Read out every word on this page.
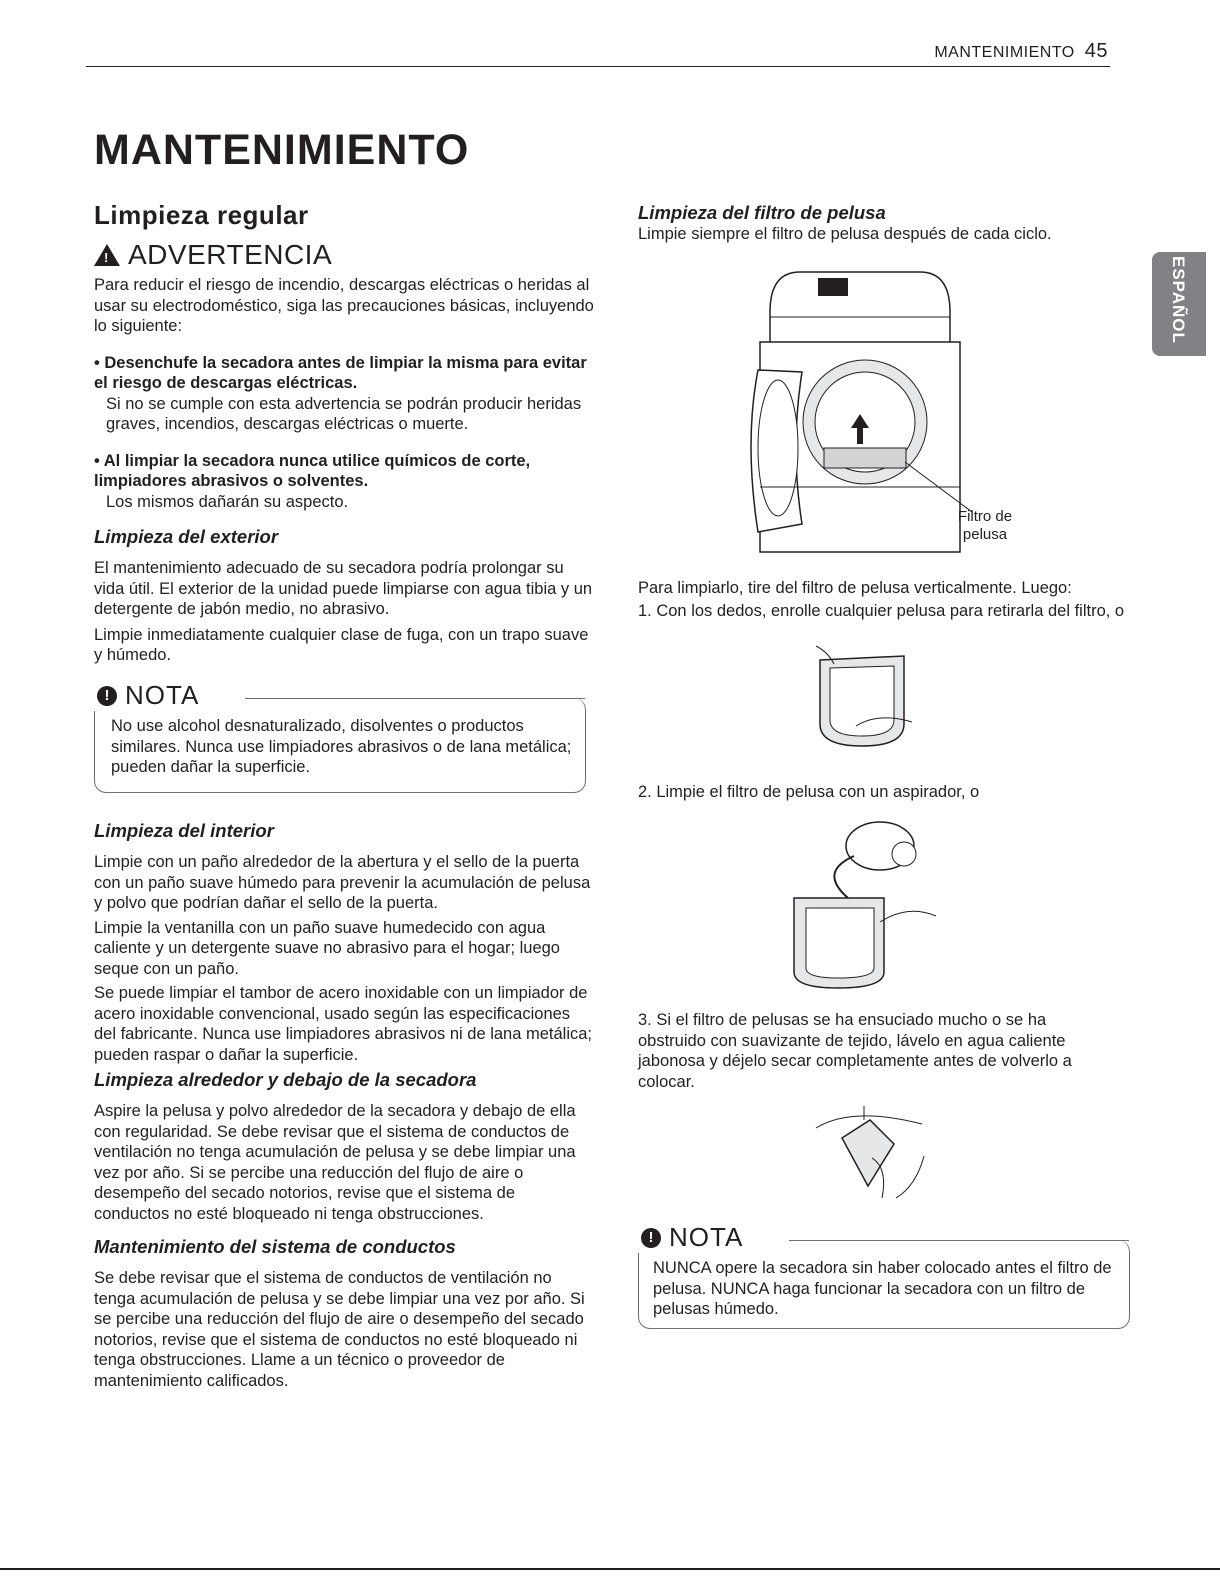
MANTENIMIENTO 45
ESPAÑOL
MANTENIMIENTO
Limpieza regular
!
ADVERTENCIA

Para reducir el riesgo de incendio, descargas eléctricas o heridas al usar su electrodoméstico, siga las precauciones básicas, incluyendo lo siguiente:

• Desenchufe la secadora antes de limpiar la misma para evitar el riesgo de descargas eléctricas.

Si no se cumple con esta advertencia se podrán producir heridas graves, incendios, descargas eléctricas o muerte.

• Al limpiar la secadora nunca utilice químicos de corte, limpiadores abrasivos o solventes.

Los mismos dañarán su aspecto.

Limpieza del exterior

El mantenimiento adecuado de su secadora podría prolongar su vida útil. El exterior de la unidad puede limpiarse con agua tibia y un detergente de jabón medio, no abrasivo.

Limpie inmediatamente cualquier clase de fuga, con un trapo suave y húmedo.

! NOTA

No use alcohol desnaturalizado, disolventes o productos similares. Nunca use limpiadores abrasivos o de lana metálica; pueden dañar la superficie.

Limpieza del interior

Limpie con un paño alrededor de la abertura y el sello de la puerta con un paño suave húmedo para prevenir la acumulación de pelusa y polvo que podrían dañar el sello de la puerta.

Limpie la ventanilla con un paño suave humedecido con agua caliente y un detergente suave no abrasivo para el hogar; luego seque con un paño.

Se puede limpiar el tambor de acero inoxidable con un limpiador de acero inoxidable convencional, usado según las especificaciones del fabricante. Nunca use limpiadores abrasivos ni de lana metálica; pueden raspar o dañar la superficie.

Limpieza alrededor y debajo de la secadora

Aspire la pelusa y polvo alrededor de la secadora y debajo de ella con regularidad. Se debe revisar que el sistema de conductos de ventilación no tenga acumulación de pelusa y se debe limpiar una vez por año. Si se percibe una reducción del flujo de aire o desempeño del secado notorios, revise que el sistema de conductos no esté bloqueado ni tenga obstrucciones.

Mantenimiento del sistema de conductos

Se debe revisar que el sistema de conductos de ventilación no tenga acumulación de pelusa y se debe limpiar una vez por año. Si se percibe una reducción del flujo de aire o desempeño del secado notorios, revise que el sistema de conductos no esté bloqueado ni tenga obstrucciones. Llame a un técnico o proveedor de mantenimiento calificados.

Limpieza del filtro de pelusa

Limpie siempre el filtro de pelusa después de cada ciclo.

Filtro de pelusa

Para limpiarlo, tire del filtro de pelusa verticalmente. Luego:

1. Con los dedos, enrolle cualquier pelusa para retirarla del filtro, o

2. Limpie el filtro de pelusa con un aspirador, o

3. Si el filtro de pelusas se ha ensuciado mucho o se ha obstruido con suavizante de tejido, lávelo en agua caliente jabonosa y déjelo secar completamente antes de volverlo a colocar.

! NOTA

NUNCA opere la secadora sin haber colocado antes el filtro de pelusa. NUNCA haga funcionar la secadora con un filtro de pelusas húmedo.
